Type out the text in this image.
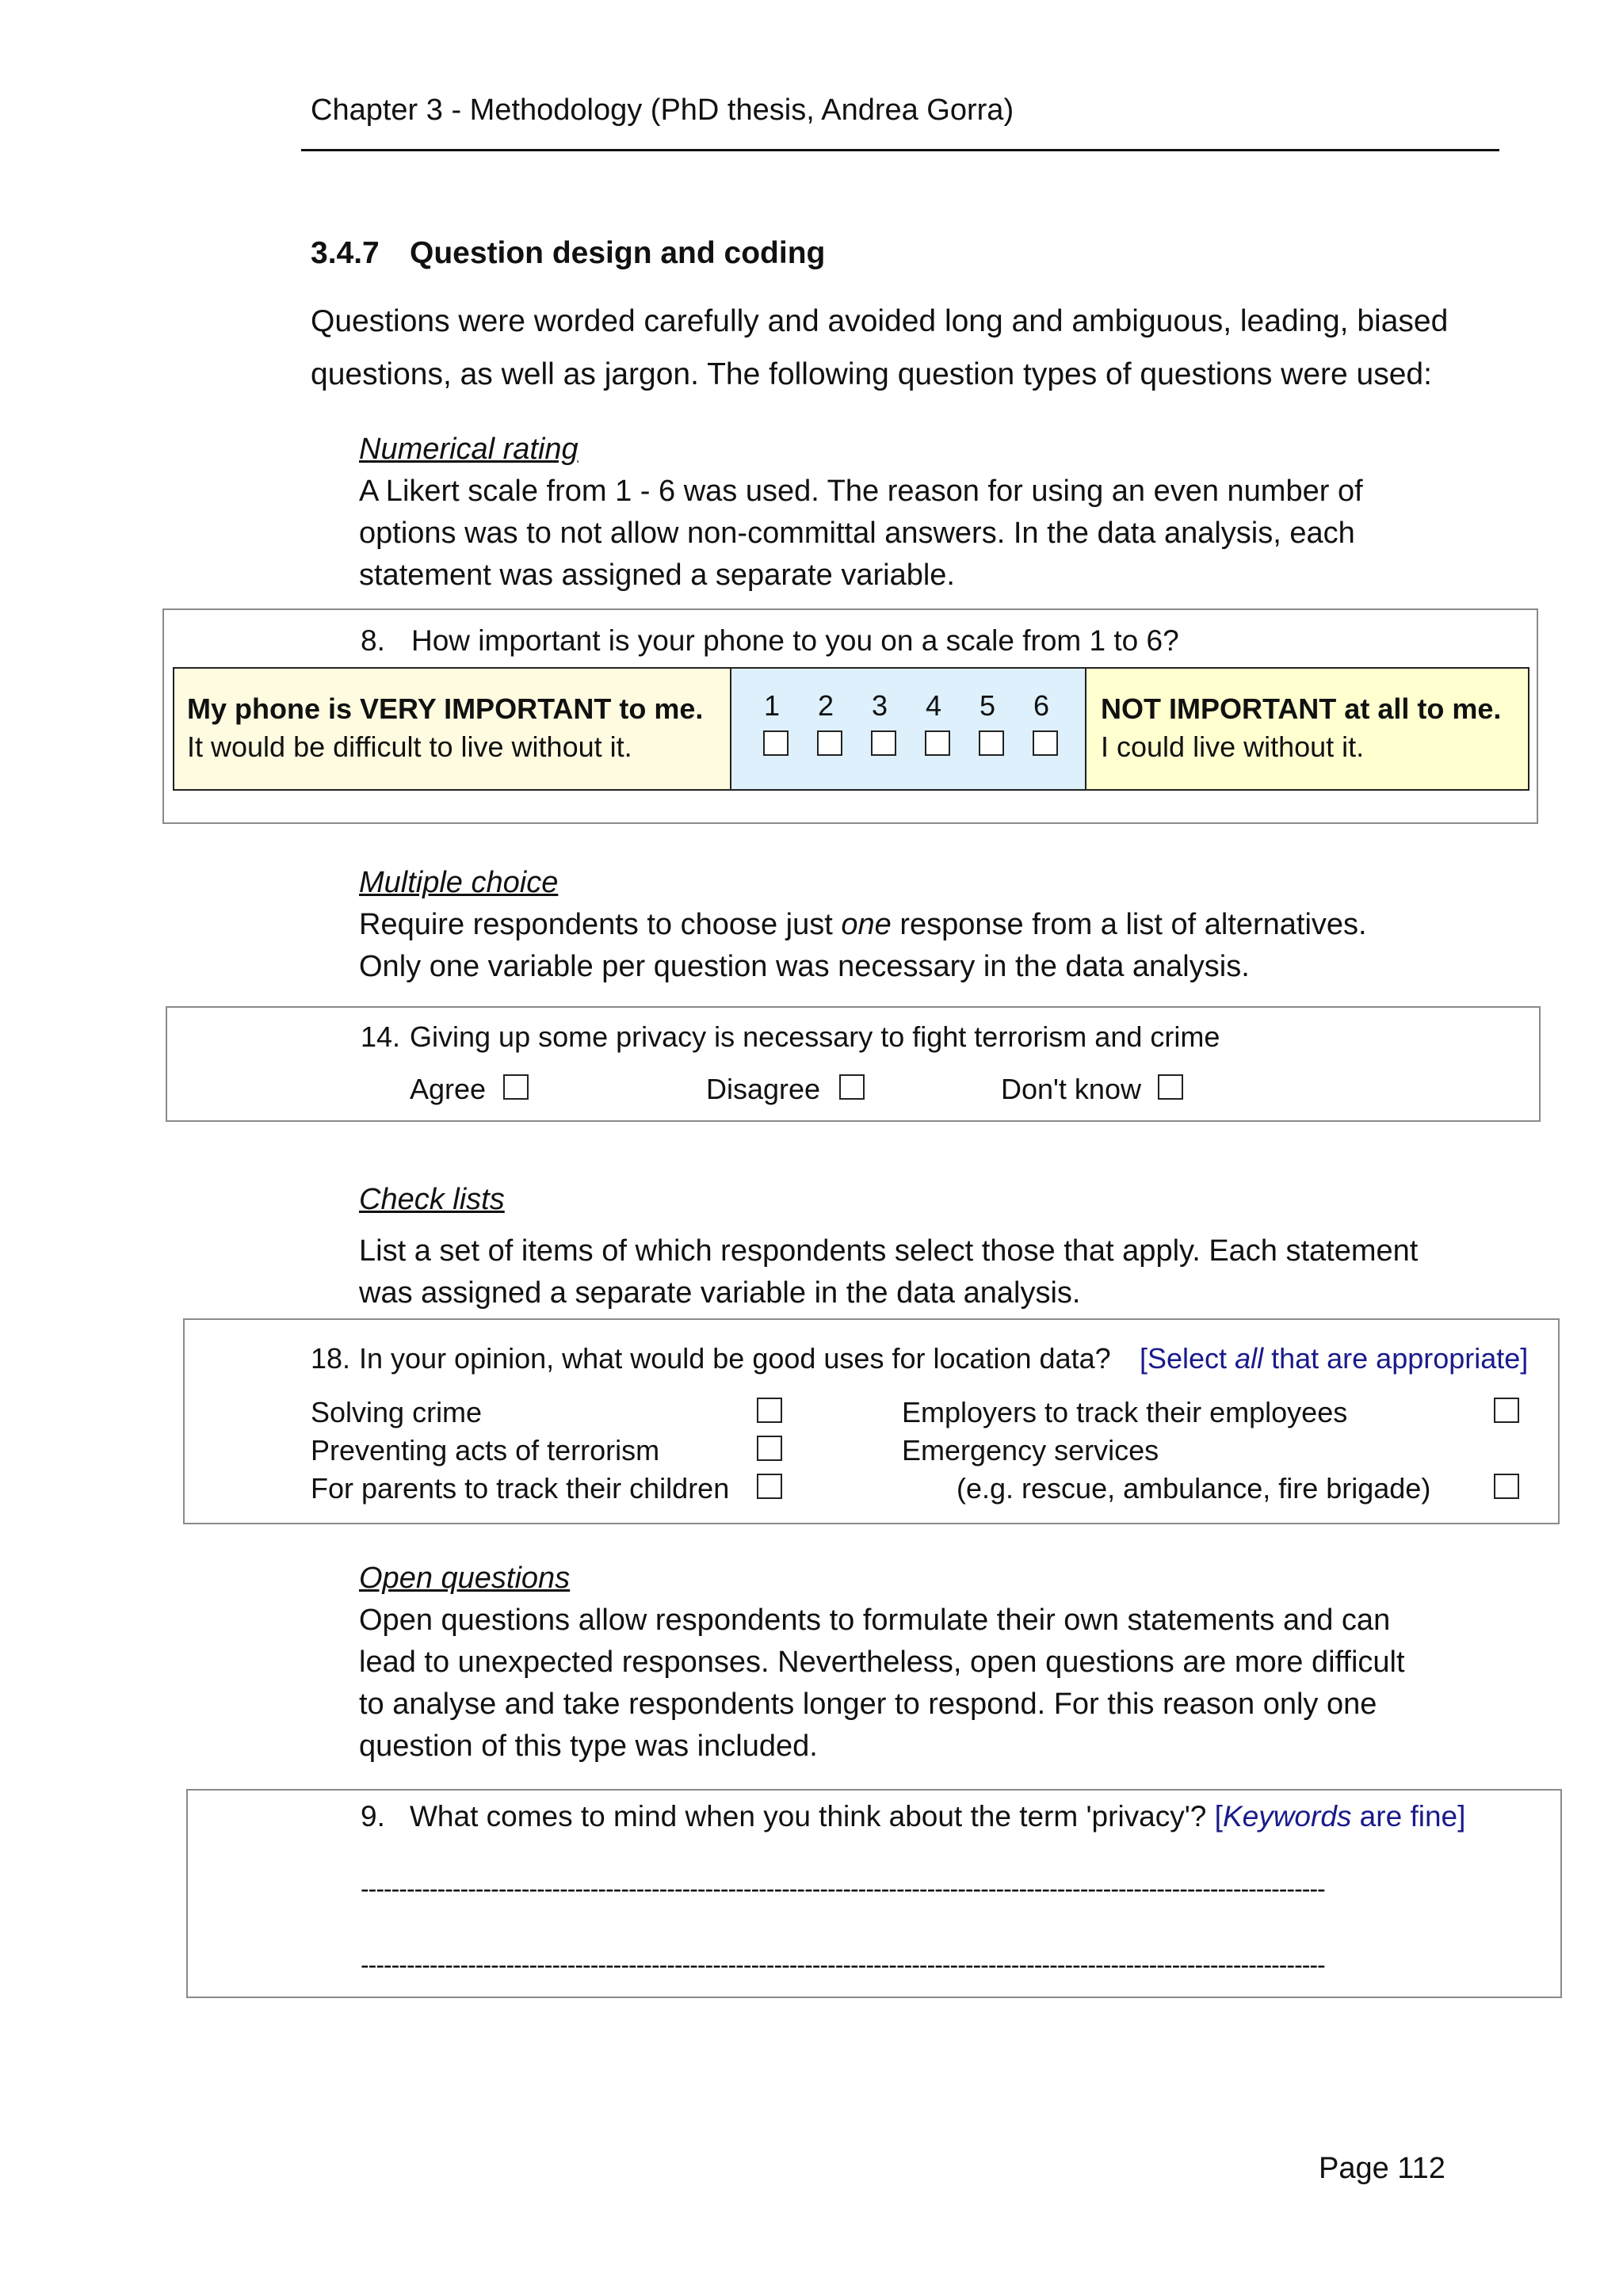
Chapter 3 - Methodology (PhD thesis, Andrea Gorra)
3.4.7 Question design and coding
Questions were worded carefully and avoided long and ambiguous, leading, biased
questions, as well as jargon. The following question types of questions were used:
Numerical rating
A Likert scale from 1 - 6 was used. The reason for using an even number of
options was to not allow non-committal answers. In the data analysis, each
statement was assigned a separate variable.
8. How important is your phone to you on a scale from 1 to 6?
My phone is VERY IMPORTANT to me.
It would be difficult to live without it.
1 2 3 4 5 6 NOT IMPORTANT at all to me.
I could live without it.
Multiple choice
Require respondents to choose just one response from a list of alternatives.
Only one variable per question was necessary in the data analysis.
14. Giving up some privacy is necessary to fight terrorism and crime
Agree	Disagree	Don't know
Check lists
List a set of items of which respondents select those that apply. Each statement
was assigned a separate variable in the data analysis.
18. In your opinion, what would be good uses for location data? [Select all that are appropriate]
Solving crime
Preventing acts of terrorism
For parents to track their children
Employers to track their employees
Emergency services
(e.g. rescue, ambulance, fire brigade)
Open questions
Open questions allow respondents to formulate their own statements and can
lead to unexpected responses. Nevertheless, open questions are more difficult
to analyse and take respondents longer to respond. For this reason only one
question of this type was included.
9. What comes to mind when you think about the term 'privacy'? [Keywords are fine]
------------------------------------------------------------------------------------------------------------------------------
------------------------------------------------------------------------------------------------------------------------------
Page 112
